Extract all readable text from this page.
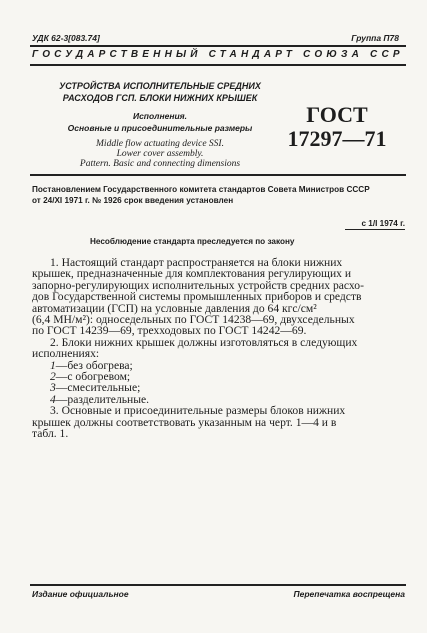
УДК 62-3[083.74]	Группа П78
ГОСУДАРСТВЕННЫЙ СТАНДАРТ СОЮЗА ССР
УСТРОЙСТВА ИСПОЛНИТЕЛЬНЫЕ СРЕДНИХ
РАСХОДОВ ГСП. БЛОКИ НИЖНИХ КРЫШЕК
Исполнения.
Основные и присоединительные размеры
Middle flow actuating device SSI.
Lower cover assembly.
Pattern. Basic and connecting dimensions
ГОСТ
17297—71
Постановлением Государственного комитета стандартов Совета Министров СССР
от 24/XI 1971 г. № 1926 срок введения установлен
с 1/I 1974 г.
Несоблюдение стандарта преследуется по закону

1. Настоящий стандарт распространяется на блоки нижних

крышек, предназначенные для комплектования регулирующих и

запорно-регулирующих исполнительных устройств средних расхо-

дов Государственной системы промышленных приборов и средств

автоматизации (ГСП) на условные давления до 64 кгс/см²

(6,4 МН/м²): односедельных по ГОСТ 14238—69, двухседельных

по ГОСТ 14239—69, трехходовых по ГОСТ 14242—69.

2. Блоки нижних крышек должны изготовляться в следующих

исполнениях:

1—без обогрева;

2—с обогревом;

3—смесительные;

4—разделительные.

3. Основные и присоединительные размеры блоков нижних

крышек должны соответствовать указанным на черт. 1—4 и в

табл. 1.

Издание официальное	Перепечатка воспрещена
